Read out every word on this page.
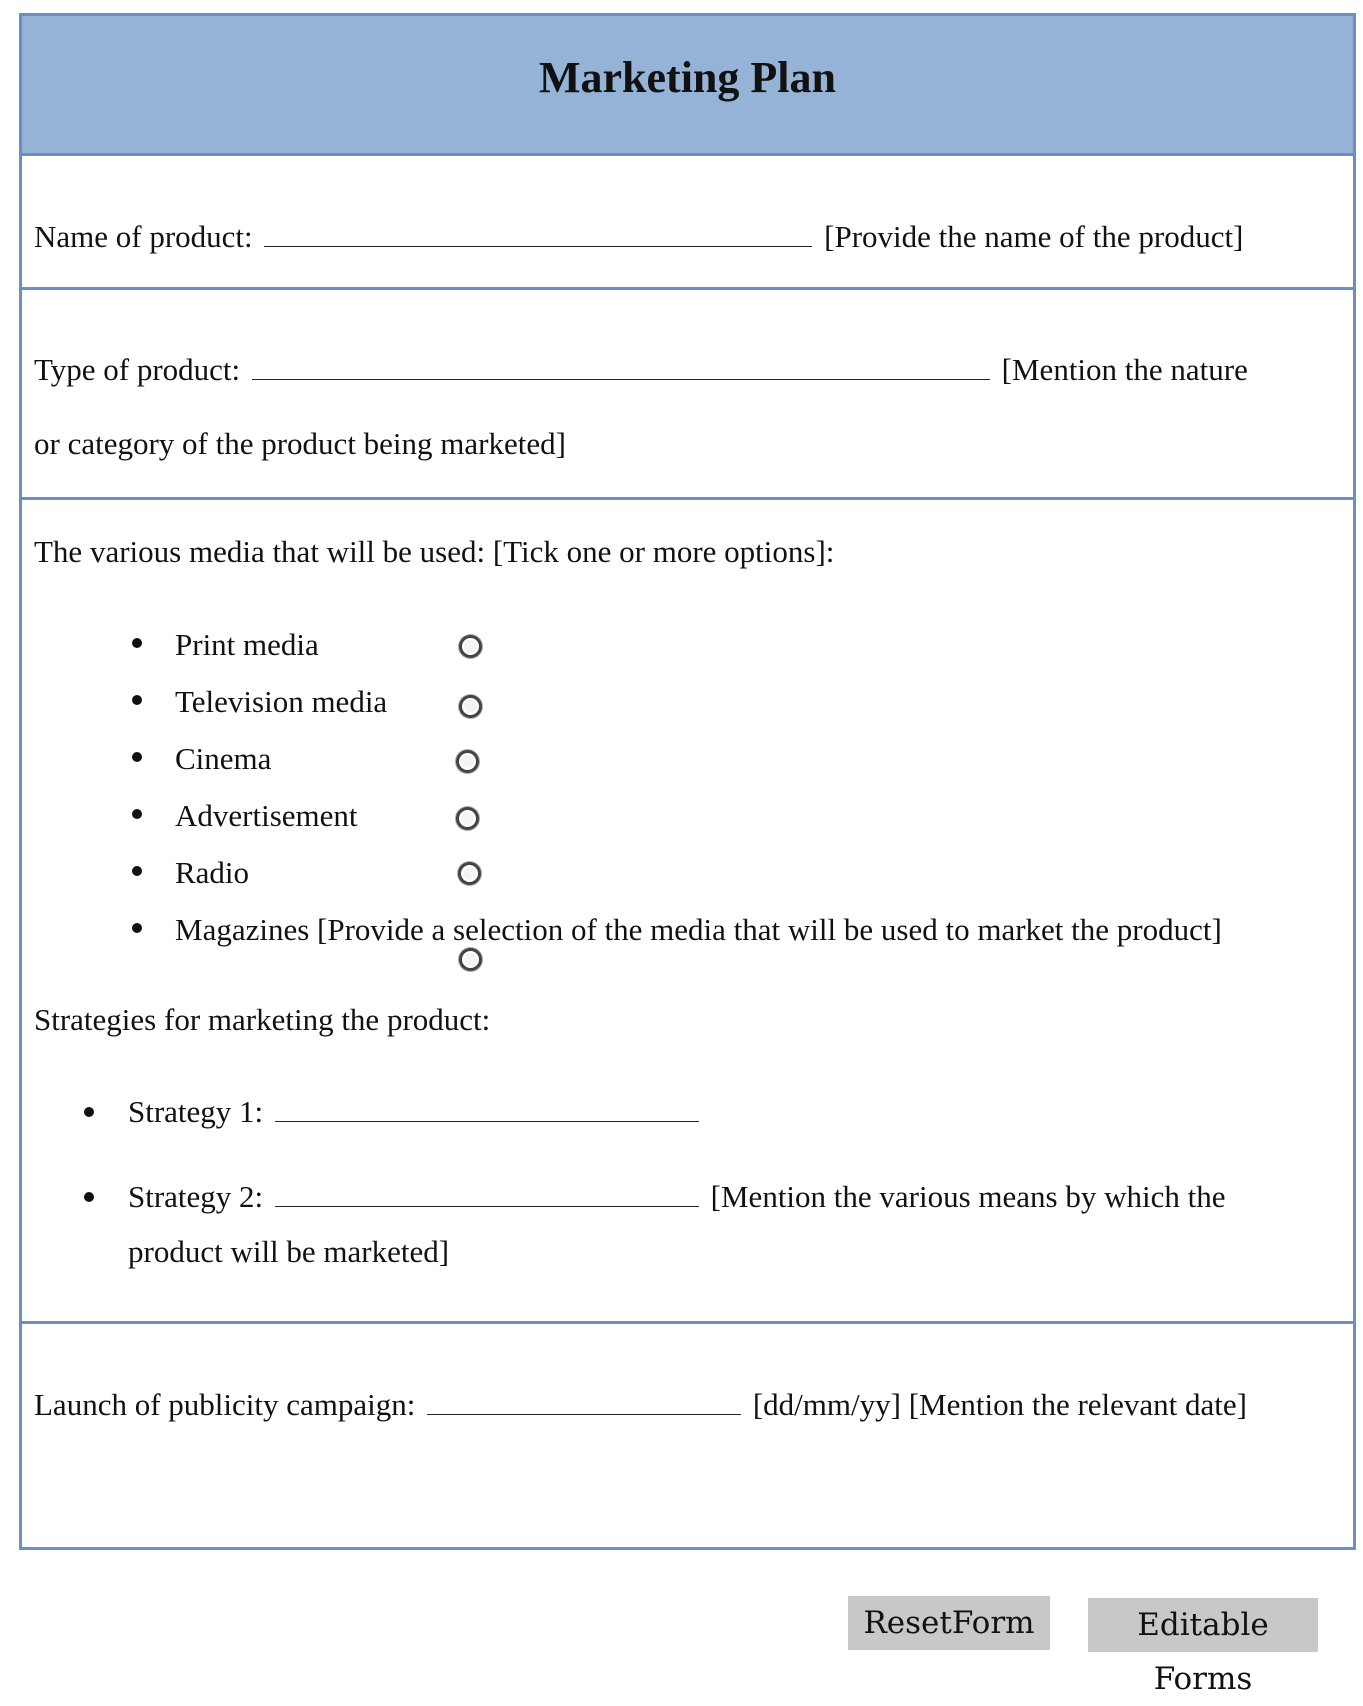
Marketing Plan
Name of product:	[Provide the name of the product]
Type of product:	[Mention the nature
or category of the product being marketed]
The various media that will be used: [Tick one or more options]:
Print media
Television media
Cinema
Advertisement
Radio
Magazines [Provide a selection of the media that will be used to market the product]
Strategies for marketing the product:
Strategy 1:
Strategy 2:	[Mention the various means by which the
product will be marketed]
Launch of publicity campaign:	[dd/mm/yy] [Mention the relevant date]
ResetForm	Editable Forms
